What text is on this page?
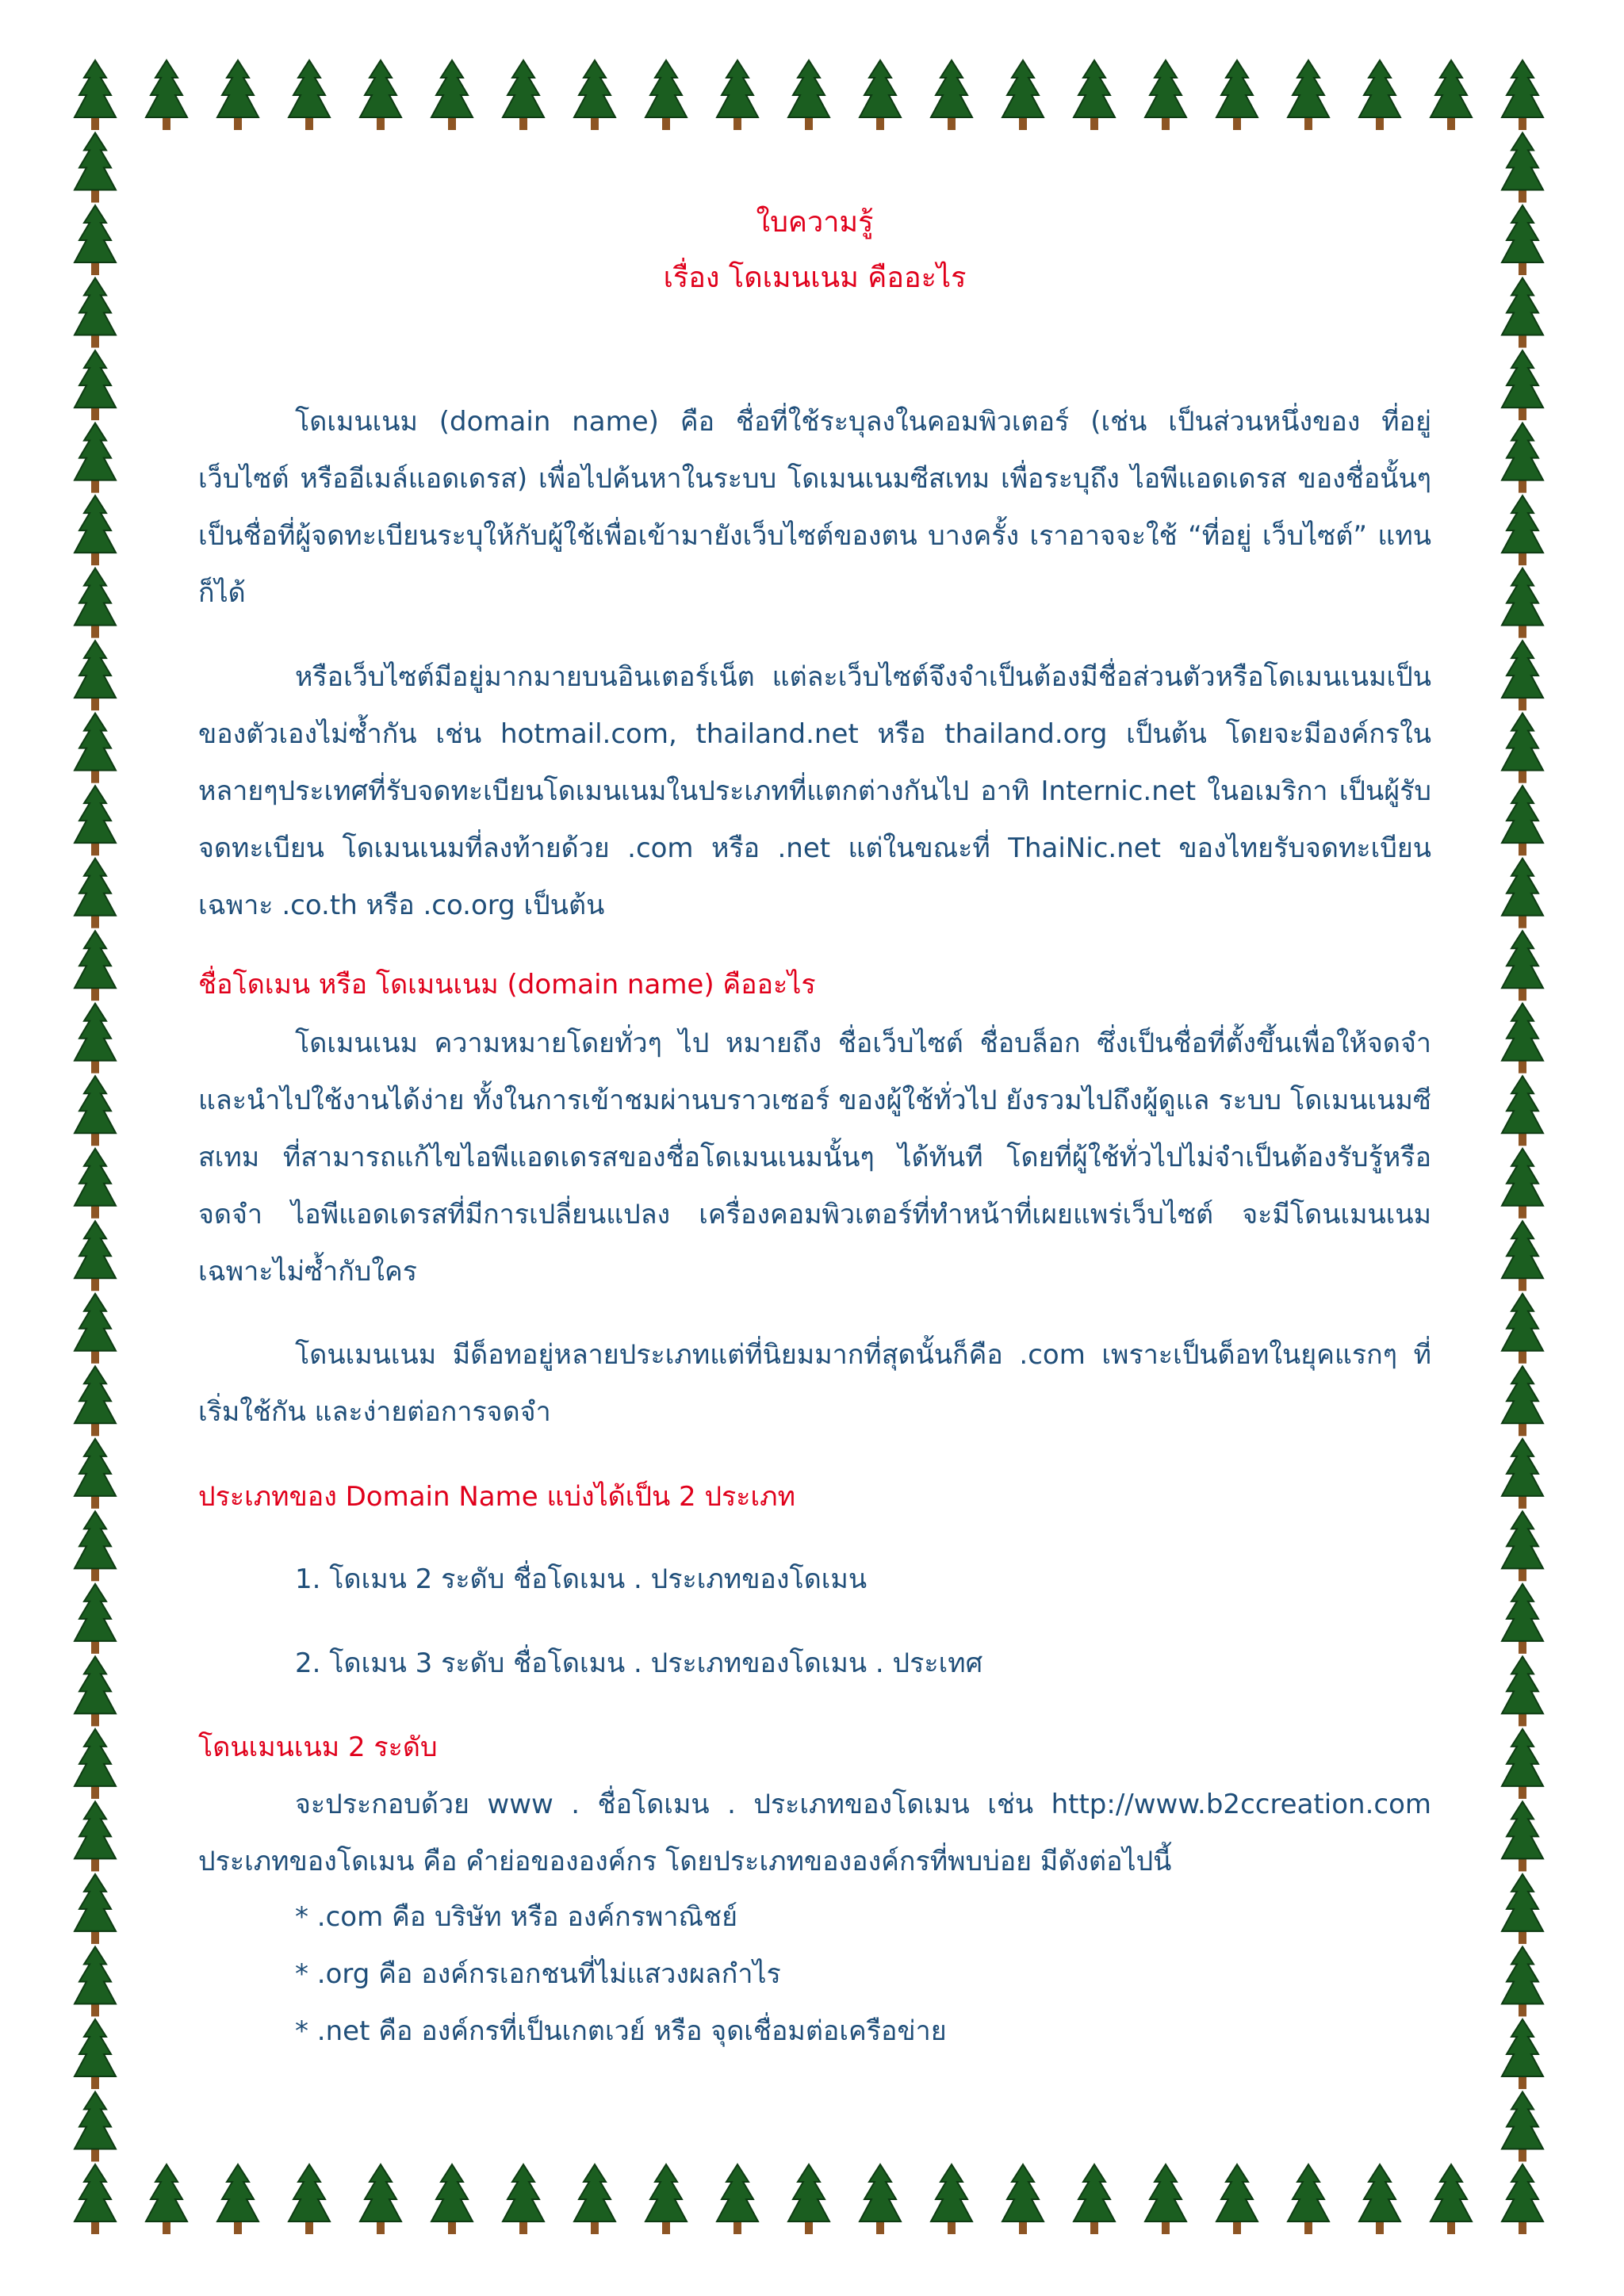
ใบความรู้
เรื่อง โดเมนเนม คืออะไร
โดเมนเนม (domain name) คือ ชื่อที่ใช้ระบุลงในคอมพิวเตอร์ (เช่น เป็นส่วนหนึ่งของ ที่อยู่ เว็บไซต์ หรืออีเมล์แอดเดรส) เพื่อไปค้นหาในระบบ โดเมนเนมซีสเทม เพื่อระบุถึง ไอพีแอดเดรส ของชื่อนั้นๆ เป็นชื่อที่ผู้จดทะเบียนระบุให้กับผู้ใช้เพื่อเข้ามายังเว็บไซต์ของตน บางครั้ง เราอาจจะใช้ “ที่อยู่ เว็บไซต์” แทนก็ได้
หรือเว็บไซต์มีอยู่มากมายบนอินเตอร์เน็ต แต่ละเว็บไซต์จึงจำเป็นต้องมีชื่อส่วนตัวหรือโดเมนเนมเป็นของตัวเองไม่ซ้ำกัน เช่น hotmail.com, thailand.net หรือ thailand.org เป็นต้น โดยจะมีองค์กรในหลายๆประเทศที่รับจดทะเบียนโดเมนเนมในประเภทที่แตกต่างกันไป อาทิ Internic.net ในอเมริกา เป็นผู้รับ จดทะเบียน โดเมนเนมที่ลงท้ายด้วย .com หรือ .net แต่ในขณะที่ ThaiNic.net ของไทยรับจดทะเบียนเฉพาะ .co.th หรือ .co.org เป็นต้น
ชื่อโดเมน หรือ โดเมนเนม (domain name) คืออะไร
โดเมนเนม ความหมายโดยทั่วๆ ไป หมายถึง ชื่อเว็บไซต์ ชื่อบล็อก ซึ่งเป็นชื่อที่ตั้งขึ้นเพื่อให้จดจำและนำไปใช้งานได้ง่าย ทั้งในการเข้าชมผ่านบราวเซอร์ ของผู้ใช้ทั่วไป ยังรวมไปถึงผู้ดูแล ระบบ โดเมนเนมซีสเทม ที่สามารถแก้ไขไอพีแอดเดรสของชื่อโดเมนเนมนั้นๆ ได้ทันที โดยที่ผู้ใช้ทั่วไปไม่จำเป็นต้องรับรู้หรือ จดจำ ไอพีแอดเดรสที่มีการเปลี่ยนแปลง เครื่องคอมพิวเตอร์ที่ทำหน้าที่เผยแพร่เว็บไซต์ จะมีโดนเมนเนมเฉพาะไม่ซ้ำกับใคร
โดนเมนเนม มีด็อทอยู่หลายประเภทแต่ที่นิยมมากที่สุดนั้นก็คือ .com เพราะเป็นด็อทในยุคแรกๆ ที่เริ่มใช้กัน และง่ายต่อการจดจำ
ประเภทของ Domain Name แบ่งได้เป็น 2 ประเภท
1. โดเมน 2 ระดับ ชื่อโดเมน . ประเภทของโดเมน
2. โดเมน 3 ระดับ ชื่อโดเมน . ประเภทของโดเมน . ประเทศ
โดนเมนเนม 2 ระดับ
จะประกอบด้วย www . ชื่อโดเมน . ประเภทของโดเมน เช่น http://www.b2ccreation.com ประเภทของโดเมน คือ คำย่อขององค์กร โดยประเภทขององค์กรที่พบบ่อย มีดังต่อไปนี้
* .com คือ บริษัท หรือ องค์กรพาณิชย์
* .org คือ องค์กรเอกชนที่ไม่แสวงผลกำไร
* .net คือ องค์กรที่เป็นเกตเวย์ หรือ จุดเชื่อมต่อเครือข่าย
